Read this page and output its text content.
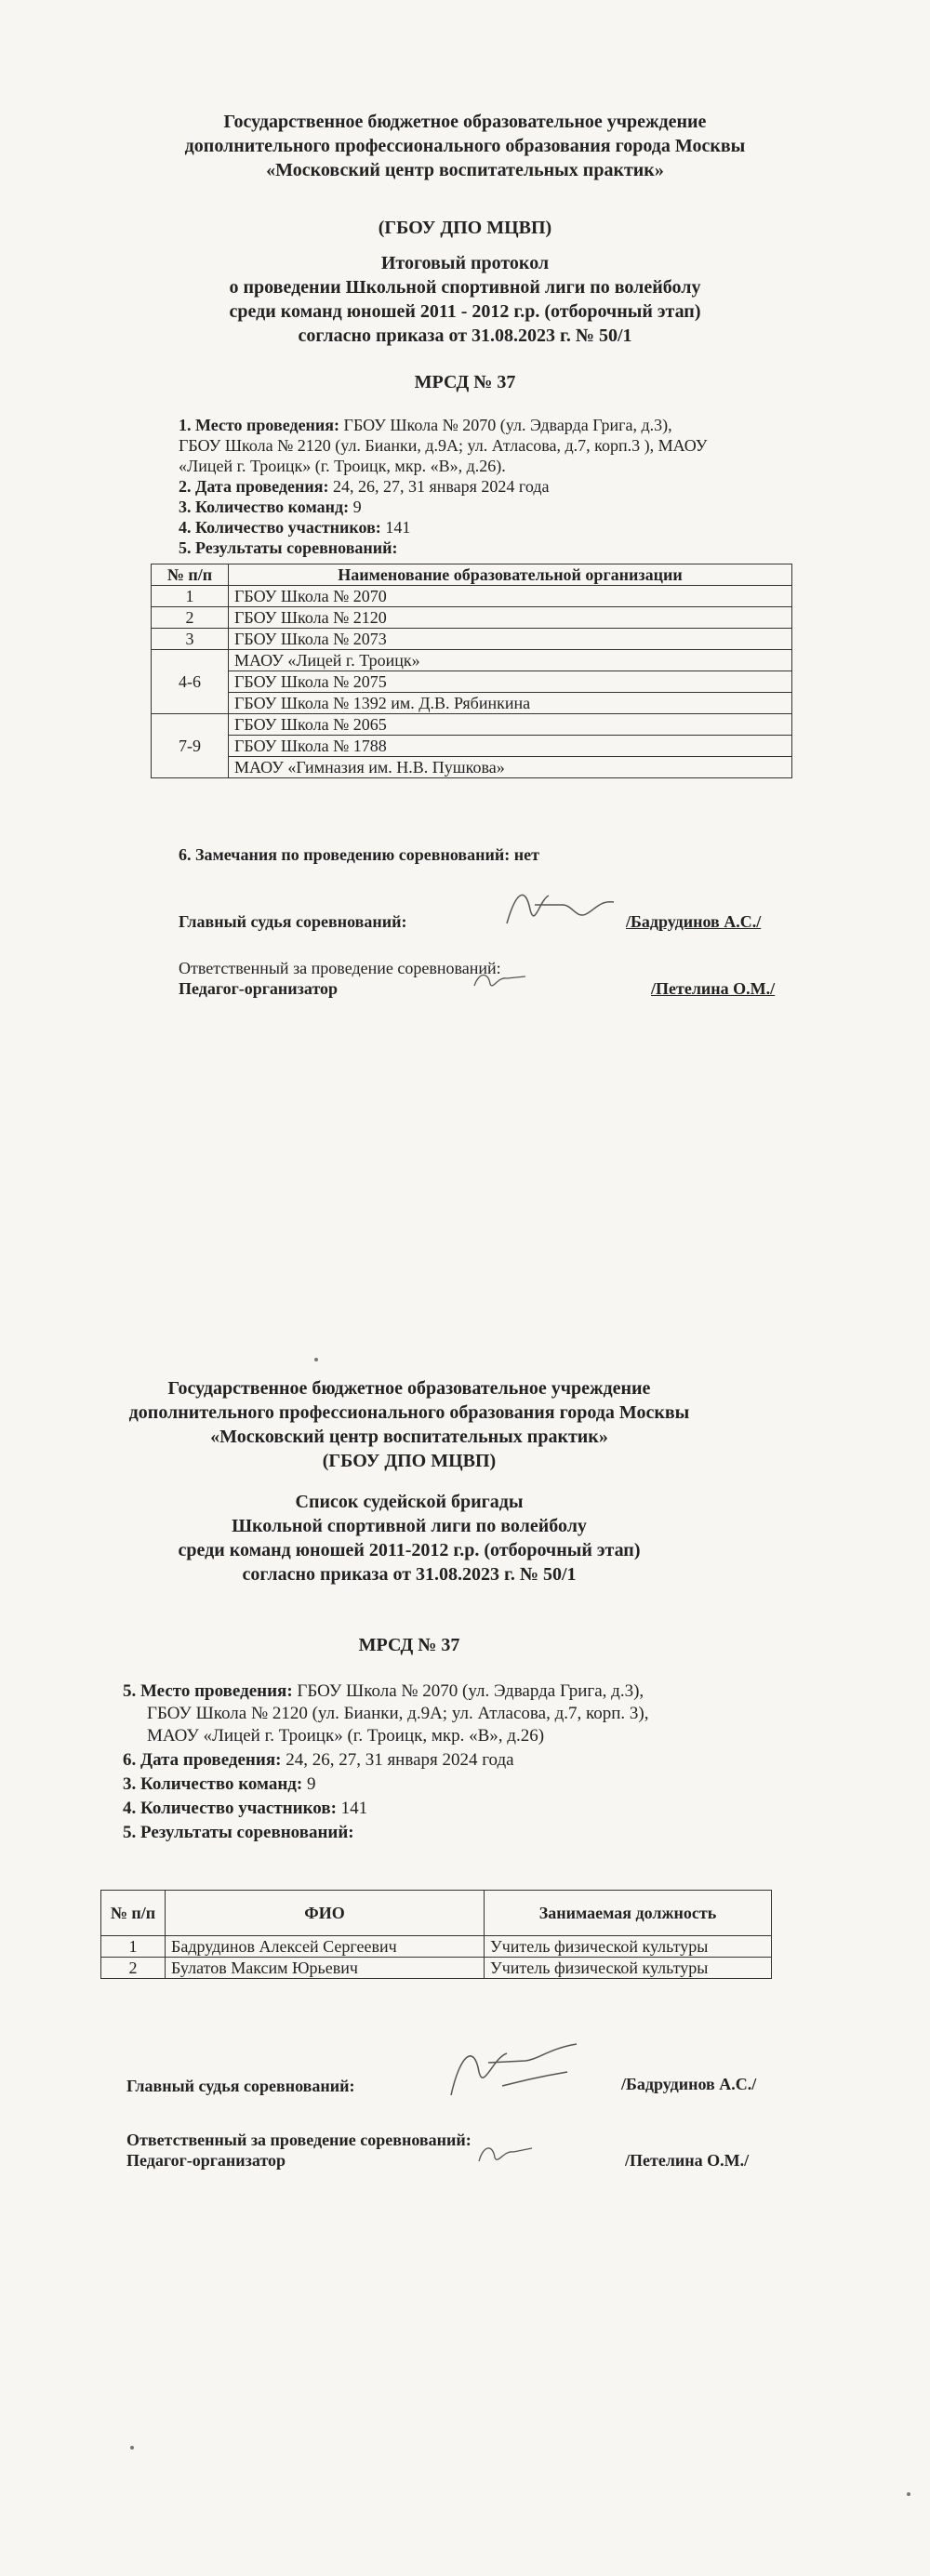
Государственное бюджетное образовательное учреждение
дополнительного профессионального образования города Москвы
«Московский центр воспитательных практик»
(ГБОУ ДПО МЦВП)
Итоговый протокол
о проведении Школьной спортивной лиги по волейболу
среди команд юношей 2011 - 2012 г.р. (отборочный этап)
согласно приказа от 31.08.2023 г. № 50/1
МРСД № 37
1. Место проведения: ГБОУ Школа № 2070 (ул. Эдварда Грига, д.3),
ГБОУ Школа № 2120 (ул. Бианки, д.9А; ул. Атласова, д.7, корп.3 ), МАОУ
«Лицей г. Троицк» (г. Троицк, мкр. «В», д.26).
2. Дата проведения: 24, 26, 27, 31 января 2024 года
3. Количество команд: 9
4. Количество участников: 141
5. Результаты соревнований:
№ п/п	Наименование образовательной организации
1	ГБОУ Школа № 2070
2	ГБОУ Школа № 2120
3	ГБОУ Школа № 2073
4-6	МАОУ «Лицей г. Троицк»
	ГБОУ Школа № 2075
	ГБОУ Школа № 1392 им. Д.В. Рябинкина
7-9	ГБОУ Школа № 2065
	ГБОУ Школа № 1788
	МАОУ «Гимназия им. Н.В. Пушкова»
6. Замечания по проведению соревнований: нет
Главный судья соревнований:	/Бадрудинов А.С./
Ответственный за проведение соревнований:
Педагог-организатор	/Петелина О.М./
Государственное бюджетное образовательное учреждение
дополнительного профессионального образования города Москвы
«Московский центр воспитательных практик»
(ГБОУ ДПО МЦВП)
Список судейской бригады
Школьной спортивной лиги по волейболу
среди команд юношей 2011-2012 г.р. (отборочный этап)
согласно приказа от 31.08.2023 г. № 50/1
МРСД № 37
5. Место проведения: ГБОУ Школа № 2070 (ул. Эдварда Грига, д.3),
ГБОУ Школа № 2120 (ул. Бианки, д.9А; ул. Атласова, д.7, корп. 3),
МАОУ «Лицей г. Троицк» (г. Троицк, мкр. «В», д.26)
6. Дата проведения: 24, 26, 27, 31 января 2024 года
3. Количество команд: 9
4. Количество участников: 141
5. Результаты соревнований:
№ п/п	ФИО	Занимаемая должность
1	Бадрудинов Алексей Сергеевич	Учитель физической культуры
2	Булатов Максим Юрьевич	Учитель физической культуры
Главный судья соревнований:	/Бадрудинов А.С./
Ответственный за проведение соревнований:
Педагог-организатор	/Петелина О.М./
